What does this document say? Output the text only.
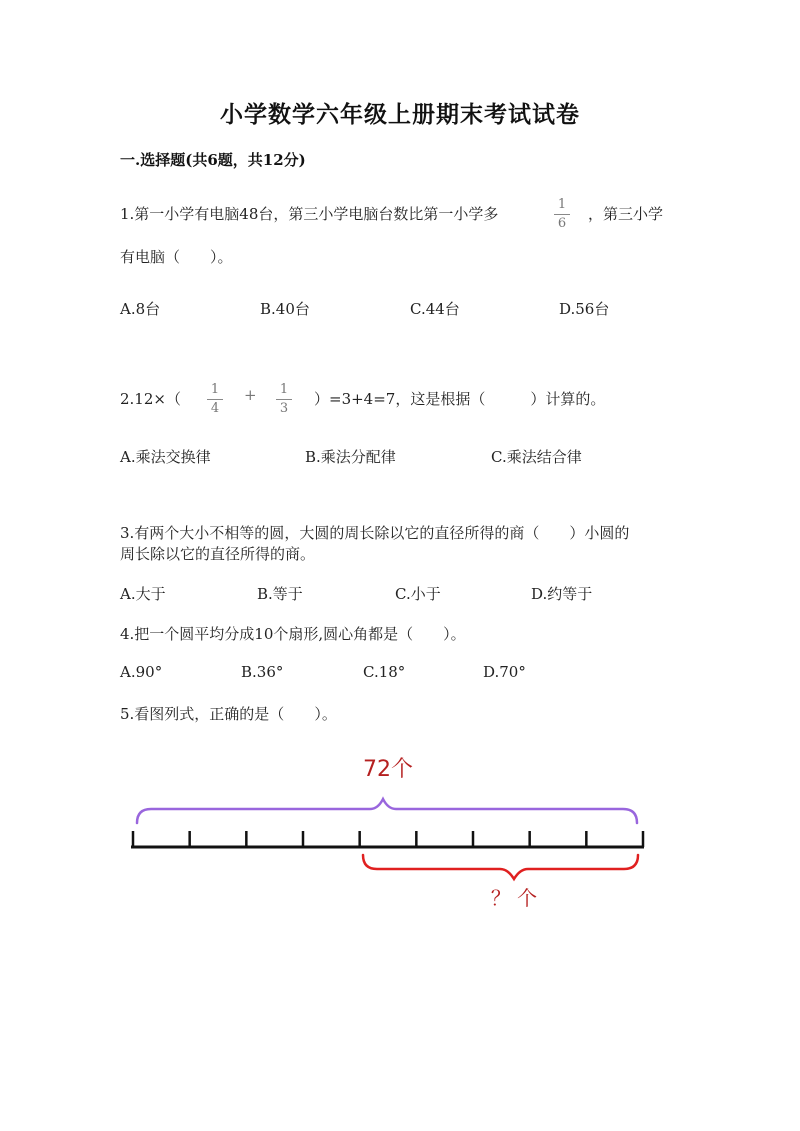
小学数学六年级上册期末考试试卷
一.选择题(共6题，共12分)
1.第一小学有电脑48台，第三小学电脑台数比第一小学多
1
6
，第三小学
有电脑（　　）。
A.8台	B.40台	C.44台	D.56台
2.12×（
1
4
+	1
3
）=3+4=7，这是根据（　　　）计算的。
A.乘法交换律	B.乘法分配律	C.乘法结合律
3.有两个大小不相等的圆，大圆的周长除以它的直径所得的商（　　）小圆的
周长除以它的直径所得的商。
A.大于	B.等于	C.小于	D.约等于
4.把一个圆平均分成10个扇形,圆心角都是（　　）。
A.90°	B.36°	C.18°	D.70°
5.看图列式，正确的是（　　）。
72个
？ 个
